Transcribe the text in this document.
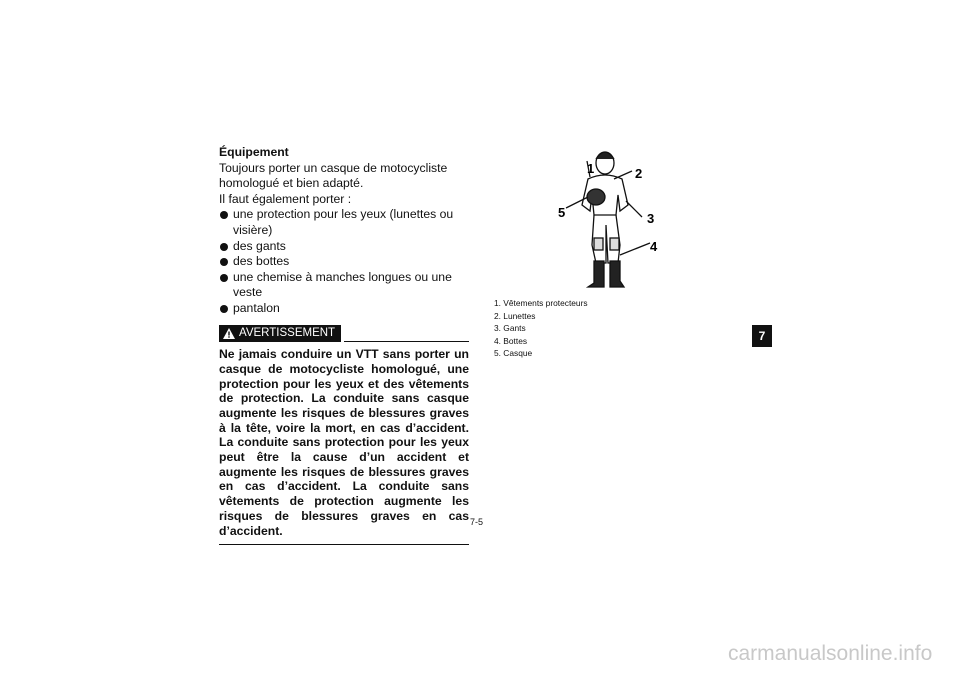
Équipement
Toujours porter un casque de motocycliste homologué et bien adapté.
Il faut également porter :
une protection pour les yeux (lunettes ou visière)
des gants
des bottes
une chemise à manches longues ou une veste
pantalon
AVERTISSEMENT
Ne jamais conduire un VTT sans porter un casque de motocycliste homologué, une protection pour les yeux et des vêtements de protection. La conduite sans casque augmente les risques de blessures graves à la tête, voire la mort, en cas d’accident. La conduite sans protection pour les yeux peut être la cause d’un accident et augmente les risques de blessures graves en cas d’accident. La conduite sans vêtements de protection augmente les risques de blessures graves en cas d’accident.
1	2
3
4
5
1. Vêtements protecteurs
2. Lunettes
3. Gants
4. Bottes
5. Casque
7
7-5
carmanualsonline.info
